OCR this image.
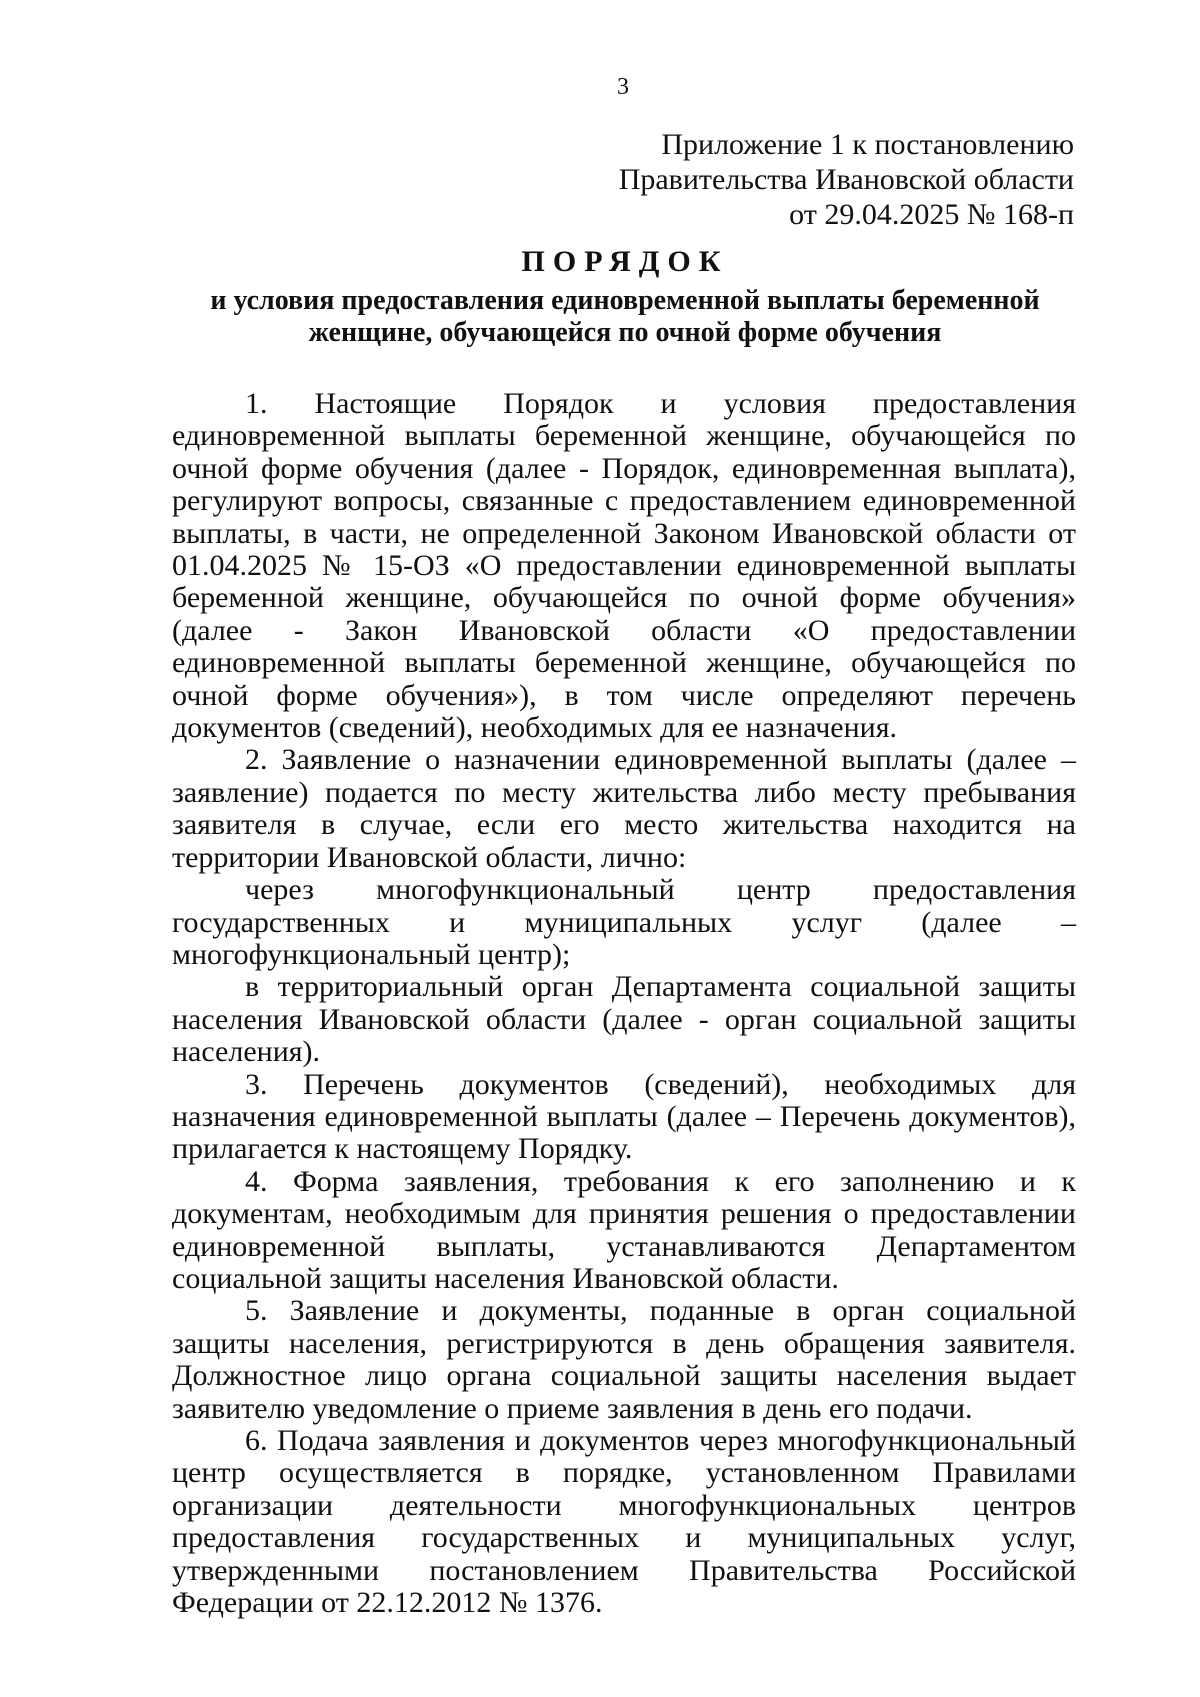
3
Приложение 1 к постановлению
Правительства Ивановской области
от 29.04.2025 № 168-п
ПОРЯДОК
и условия предоставления единовременной выплаты беременной
женщине, обучающейся по очной форме обучения

1. Настоящие Порядок и условия предоставления единовременной выплаты беременной женщине, обучающейся по очной форме обучения (далее - Порядок, единовременная выплата), регулируют вопросы, связанные с предоставлением единовременной выплаты, в части, не определенной Законом Ивановской области от 01.04.2025 № 15-ОЗ «О предоставлении единовременной выплаты беременной женщине, обучающейся по очной форме обучения» (далее - Закон Ивановской области «О предоставлении единовременной выплаты беременной женщине, обучающейся по очной форме обучения»), в том числе определяют перечень документов (сведений), необходимых для ее назначения.

2. Заявление о назначении единовременной выплаты (далее – заявление) подается по месту жительства либо месту пребывания заявителя в случае, если его место жительства находится на территории Ивановской области, лично:

через многофункциональный центр предоставления государственных и муниципальных услуг (далее – многофункциональный центр);

в территориальный орган Департамента социальной защиты населения Ивановской области (далее - орган социальной защиты населения).

3. Перечень документов (сведений), необходимых для назначения единовременной выплаты (далее – Перечень документов), прилагается к настоящему Порядку.

4. Форма заявления, требования к его заполнению и к документам, необходимым для принятия решения о предоставлении единовременной выплаты, устанавливаются Департаментом социальной защиты населения Ивановской области.

5. Заявление и документы, поданные в орган социальной защиты населения, регистрируются в день обращения заявителя. Должностное лицо органа социальной защиты населения выдает заявителю уведомление о приеме заявления в день его подачи.

6. Подача заявления и документов через многофункциональный центр осуществляется в порядке, установленном Правилами организации деятельности многофункциональных центров предоставления государственных и муниципальных услуг, утвержденными постановлением Правительства Российской Федерации от 22.12.2012 № 1376.
